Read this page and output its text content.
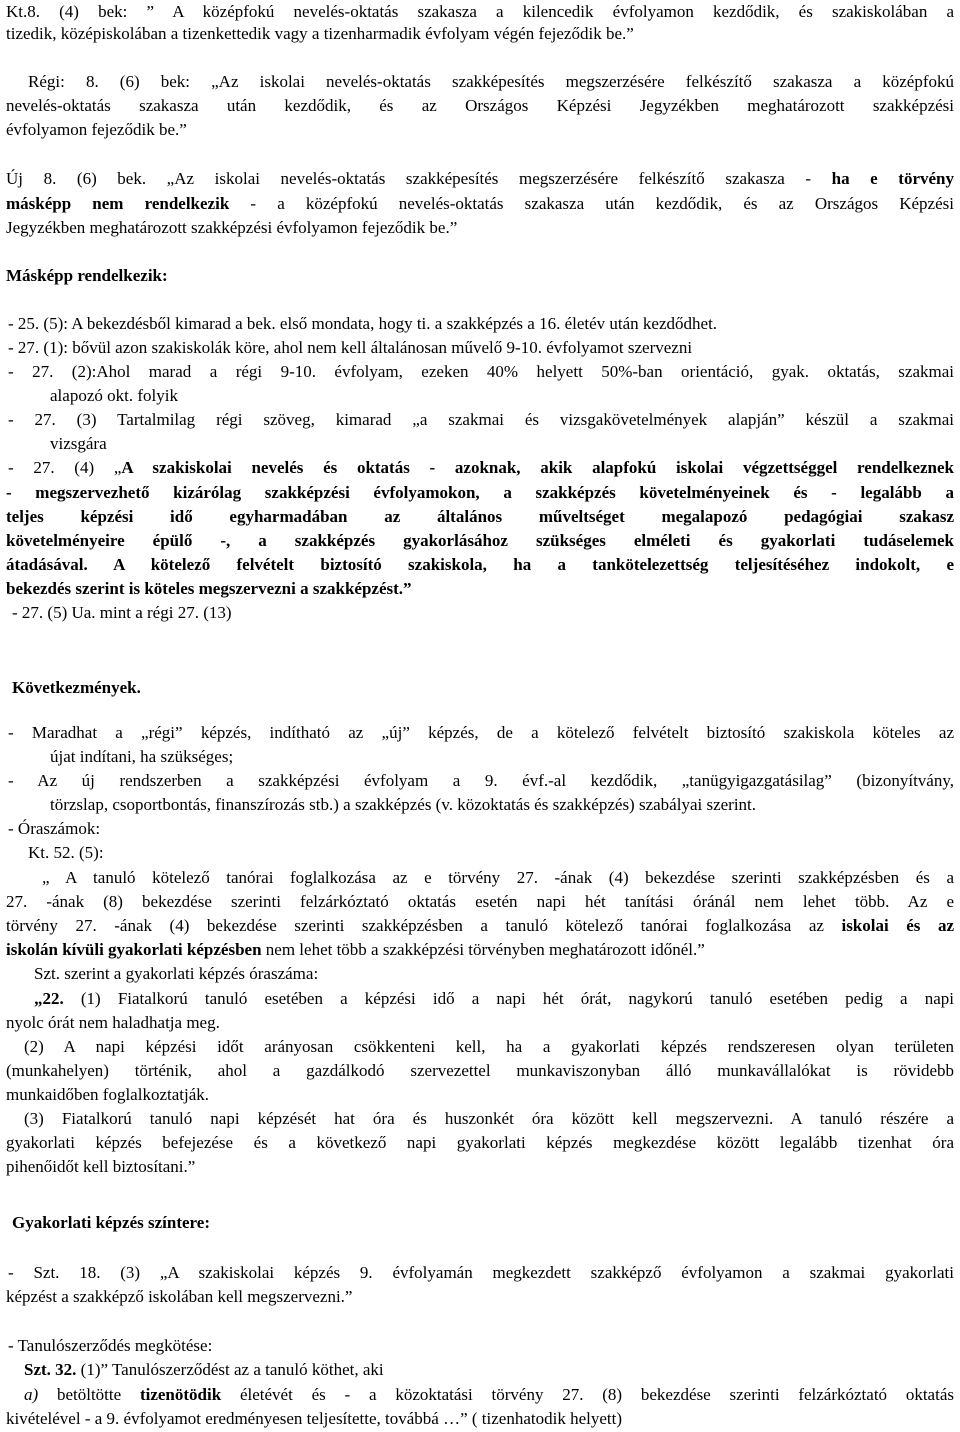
Kt.8. (4) bek: ” A középfokú nevelés-oktatás szakasza a kilencedik évfolyamon kezdődik, és szakiskolában a
tizedik, középiskolában a tizenkettedik vagy a tizenharmadik évfolyam végén fejeződik be.”
Régi: 8. (6) bek: „Az iskolai nevelés-oktatás szakképesítés megszerzésére felkészítő szakasza a középfokú
nevelés-oktatás szakasza után kezdődik, és az Országos Képzési Jegyzékben meghatározott szakképzési
évfolyamon fejeződik be.”
Új 8. (6) bek. „Az iskolai nevelés-oktatás szakképesítés megszerzésére felkészítő szakasza - ha e törvény
másképp nem rendelkezik - a középfokú nevelés-oktatás szakasza után kezdődik, és az Országos Képzési
Jegyzékben meghatározott szakképzési évfolyamon fejeződik be.”
Másképp rendelkezik:
- 25. (5): A bekezdésből kimarad a bek. első mondata, hogy ti. a szakképzés a 16. életév után kezdődhet.
- 27. (1): bővül azon szakiskolák köre, ahol nem kell általánosan művelő 9-10. évfolyamot szervezni
- 27. (2):Ahol marad a régi 9-10. évfolyam, ezeken 40% helyett 50%-ban orientáció, gyak. oktatás, szakmai
alapozó okt. folyik
- 27. (3) Tartalmilag régi szöveg, kimarad „a szakmai és vizsgakövetelmények alapján” készül a szakmai
vizsgára
- 27. (4) „A szakiskolai nevelés és oktatás - azoknak, akik alapfokú iskolai végzettséggel rendelkeznek
- megszervezhető kizárólag szakképzési évfolyamokon, a szakképzés követelményeinek és - legalább a
teljes képzési idő egyharmadában az általános műveltséget megalapozó pedagógiai szakasz
követelményeire épülő -, a szakképzés gyakorlásához szükséges elméleti és gyakorlati tudáselemek
átadásával. A kötelező felvételt biztosító szakiskola, ha a tankötelezettség teljesítéséhez indokolt, e
bekezdés szerint is köteles megszervezni a szakképzést.”
- 27. (5) Ua. mint a régi 27. (13)
Következmények.
- Maradhat a „régi” képzés, indítható az „új” képzés, de a kötelező felvételt biztosító szakiskola köteles az
újat indítani, ha szükséges;
- Az új rendszerben a szakképzési évfolyam a 9. évf.-al kezdődik, „tanügyigazgatásilag” (bizonyítvány,
törzslap, csoportbontás, finanszírozás stb.) a szakképzés (v. közoktatás és szakképzés) szabályai szerint.
- Óraszámok:
Kt. 52. (5):
„ A tanuló kötelező tanórai foglalkozása az e törvény 27. -ának (4) bekezdése szerinti szakképzésben és a
27. -ának (8) bekezdése szerinti felzárkóztató oktatás esetén napi hét tanítási óránál nem lehet több. Az e
törvény 27. -ának (4) bekezdése szerinti szakképzésben a tanuló kötelező tanórai foglalkozása az iskolai és az
iskolán kívüli gyakorlati képzésben nem lehet több a szakképzési törvényben meghatározott időnél.”
Szt. szerint a gyakorlati képzés óraszáma:
„22. (1) Fiatalkorú tanuló esetében a képzési idő a napi hét órát, nagykorú tanuló esetében pedig a napi
nyolc órát nem haladhatja meg.
(2) A napi képzési időt arányosan csökkenteni kell, ha a gyakorlati képzés rendszeresen olyan területen
(munkahelyen) történik, ahol a gazdálkodó szervezettel munkaviszonyban álló munkavállalókat is rövidebb
munkaidőben foglalkoztatják.
(3) Fiatalkorú tanuló napi képzését hat óra és huszonkét óra között kell megszervezni. A tanuló részére a
gyakorlati képzés befejezése és a következő napi gyakorlati képzés megkezdése között legalább tizenhat óra
pihenőidőt kell biztosítani.”
Gyakorlati képzés színtere:
- Szt. 18. (3) „A szakiskolai képzés 9. évfolyamán megkezdett szakképző évfolyamon a szakmai gyakorlati
képzést a szakképző iskolában kell megszervezni.”
- Tanulószerződés megkötése:
Szt. 32. (1)” Tanulószerződést az a tanuló köthet, aki
a) betöltötte tizenötödik életévét és - a közoktatási törvény 27. (8) bekezdése szerinti felzárkóztató oktatás
kivételével - a 9. évfolyamot eredményesen teljesítette, továbbá …” ( tizenhatodik helyett)
